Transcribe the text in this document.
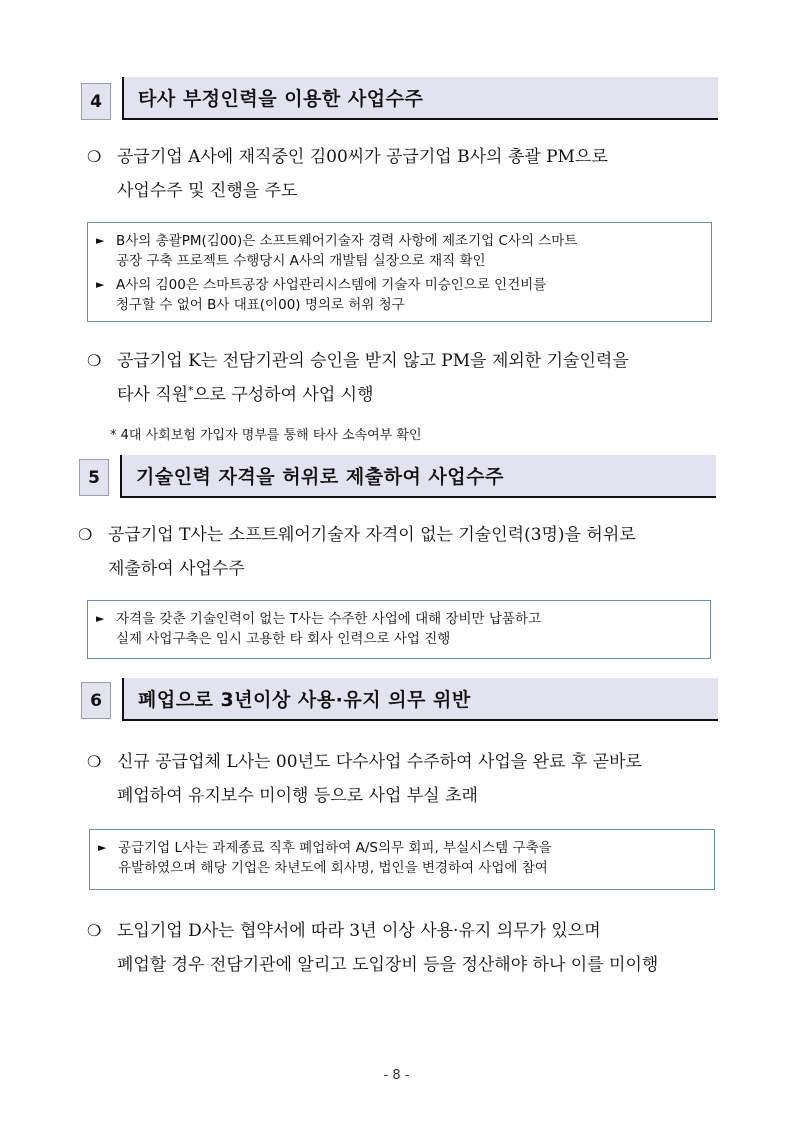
4	타사 부정인력을 이용한 사업수주
❍ 공급기업 A사에 재직중인 김00씨가 공급기업 B사의 총괄 PM으로
사업수주 및 진행을 주도
► B사의 총괄PM(김00)은 소프트웨어기술자 경력 사항에 제조기업 C사의 스마트
공장 구축 프로젝트 수행당시 A사의 개발팀 실장으로 재직 확인
► A사의 김00은 스마트공장 사업관리시스템에 기술자 미승인으로 인건비를
청구할 수 없어 B사 대표(이00) 명의로 허위 청구
❍ 공급기업 K는 전담기관의 승인을 받지 않고 PM을 제외한 기술인력을
타사 직원*으로 구성하여 사업 시행
* 4대 사회보험 가입자 명부를 통해 타사 소속여부 확인
5	기술인력 자격을 허위로 제출하여 사업수주
❍ 공급기업 T사는 소프트웨어기술자 자격이 없는 기술인력(3명)을 허위로
제출하여 사업수주
► 자격을 갖춘 기술인력이 없는 T사는 수주한 사업에 대해 장비만 납품하고
실제 사업구축은 임시 고용한 타 회사 인력으로 사업 진행
6	폐업으로 3년이상 사용·유지 의무 위반
❍ 신규 공급업체 L사는 00년도 다수사업 수주하여 사업을 완료 후 곧바로
폐업하여 유지보수 미이행 등으로 사업 부실 초래
► 공급기업 L사는 과제종료 직후 폐업하여 A/S의무 회피, 부실시스템 구축을
유발하였으며 해당 기업은 차년도에 회사명, 법인을 변경하여 사업에 참여
❍ 도입기업 D사는 협약서에 따라 3년 이상 사용·유지 의무가 있으며
폐업할 경우 전담기관에 알리고 도입장비 등을 정산해야 하나 이를 미이행
- 8 -
